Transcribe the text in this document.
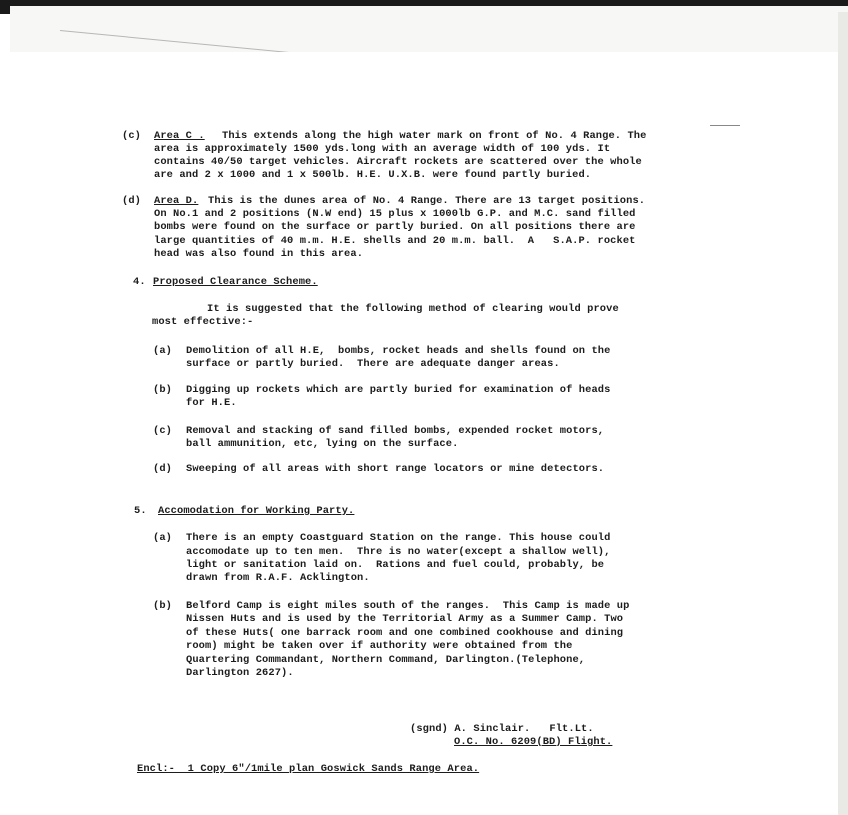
(c) Area C . This extends along the high water mark on front of No. 4 Range. The
area is approximately 1500 yds.long with an average width of 100 yds. It
contains 40/50 target vehicles. Aircraft rockets are scattered over the whole
are and 2 x 1000 and 1 x 500lb. H.E. U.X.B. were found partly buried.
(d) Area D. This is the dunes area of No. 4 Range. There are 13 target positions.
On No.1 and 2 positions (N.W end) 15 plus x 1000lb G.P. and M.C. sand filled
bombs were found on the surface or partly buried. On all positions there are
large quantities of 40 m.m. H.E. shells and 20 m.m. ball.  A   S.A.P. rocket
head was also found in this area.
4. Proposed Clearance Scheme.
It is suggested that the following method of clearing would prove
most effective:-
(a) Demolition of all H.E,  bombs, rocket heads and shells found on the
surface or partly buried.  There are adequate danger areas.
(b) Digging up rockets which are partly buried for examination of heads
for H.E.
(c) Removal and stacking of sand filled bombs, expended rocket motors,
ball ammunition, etc, lying on the surface.
(d) Sweeping of all areas with short range locators or mine detectors.
5. Accomodation for Working Party.
(a) There is an empty Coastguard Station on the range. This house could
accomodate up to ten men.  Thre is no water(except a shallow well),
light or sanitation laid on.  Rations and fuel could, probably, be
drawn from R.A.F. Acklington.
(b) Belford Camp is eight miles south of the ranges.  This Camp is made up
Nissen Huts and is used by the Territorial Army as a Summer Camp. Two
of these Huts( one barrack room and one combined cookhouse and dining
room) might be taken over if authority were obtained from the
Quartering Commandant, Northern Command, Darlington.(Telephone,
Darlington 2627).
(sgnd) A. Sinclair.   Flt.Lt.
O.C. No. 6209(BD) Flight.
Encl:-  1 Copy 6"/1mile plan Goswick Sands Range Area.
